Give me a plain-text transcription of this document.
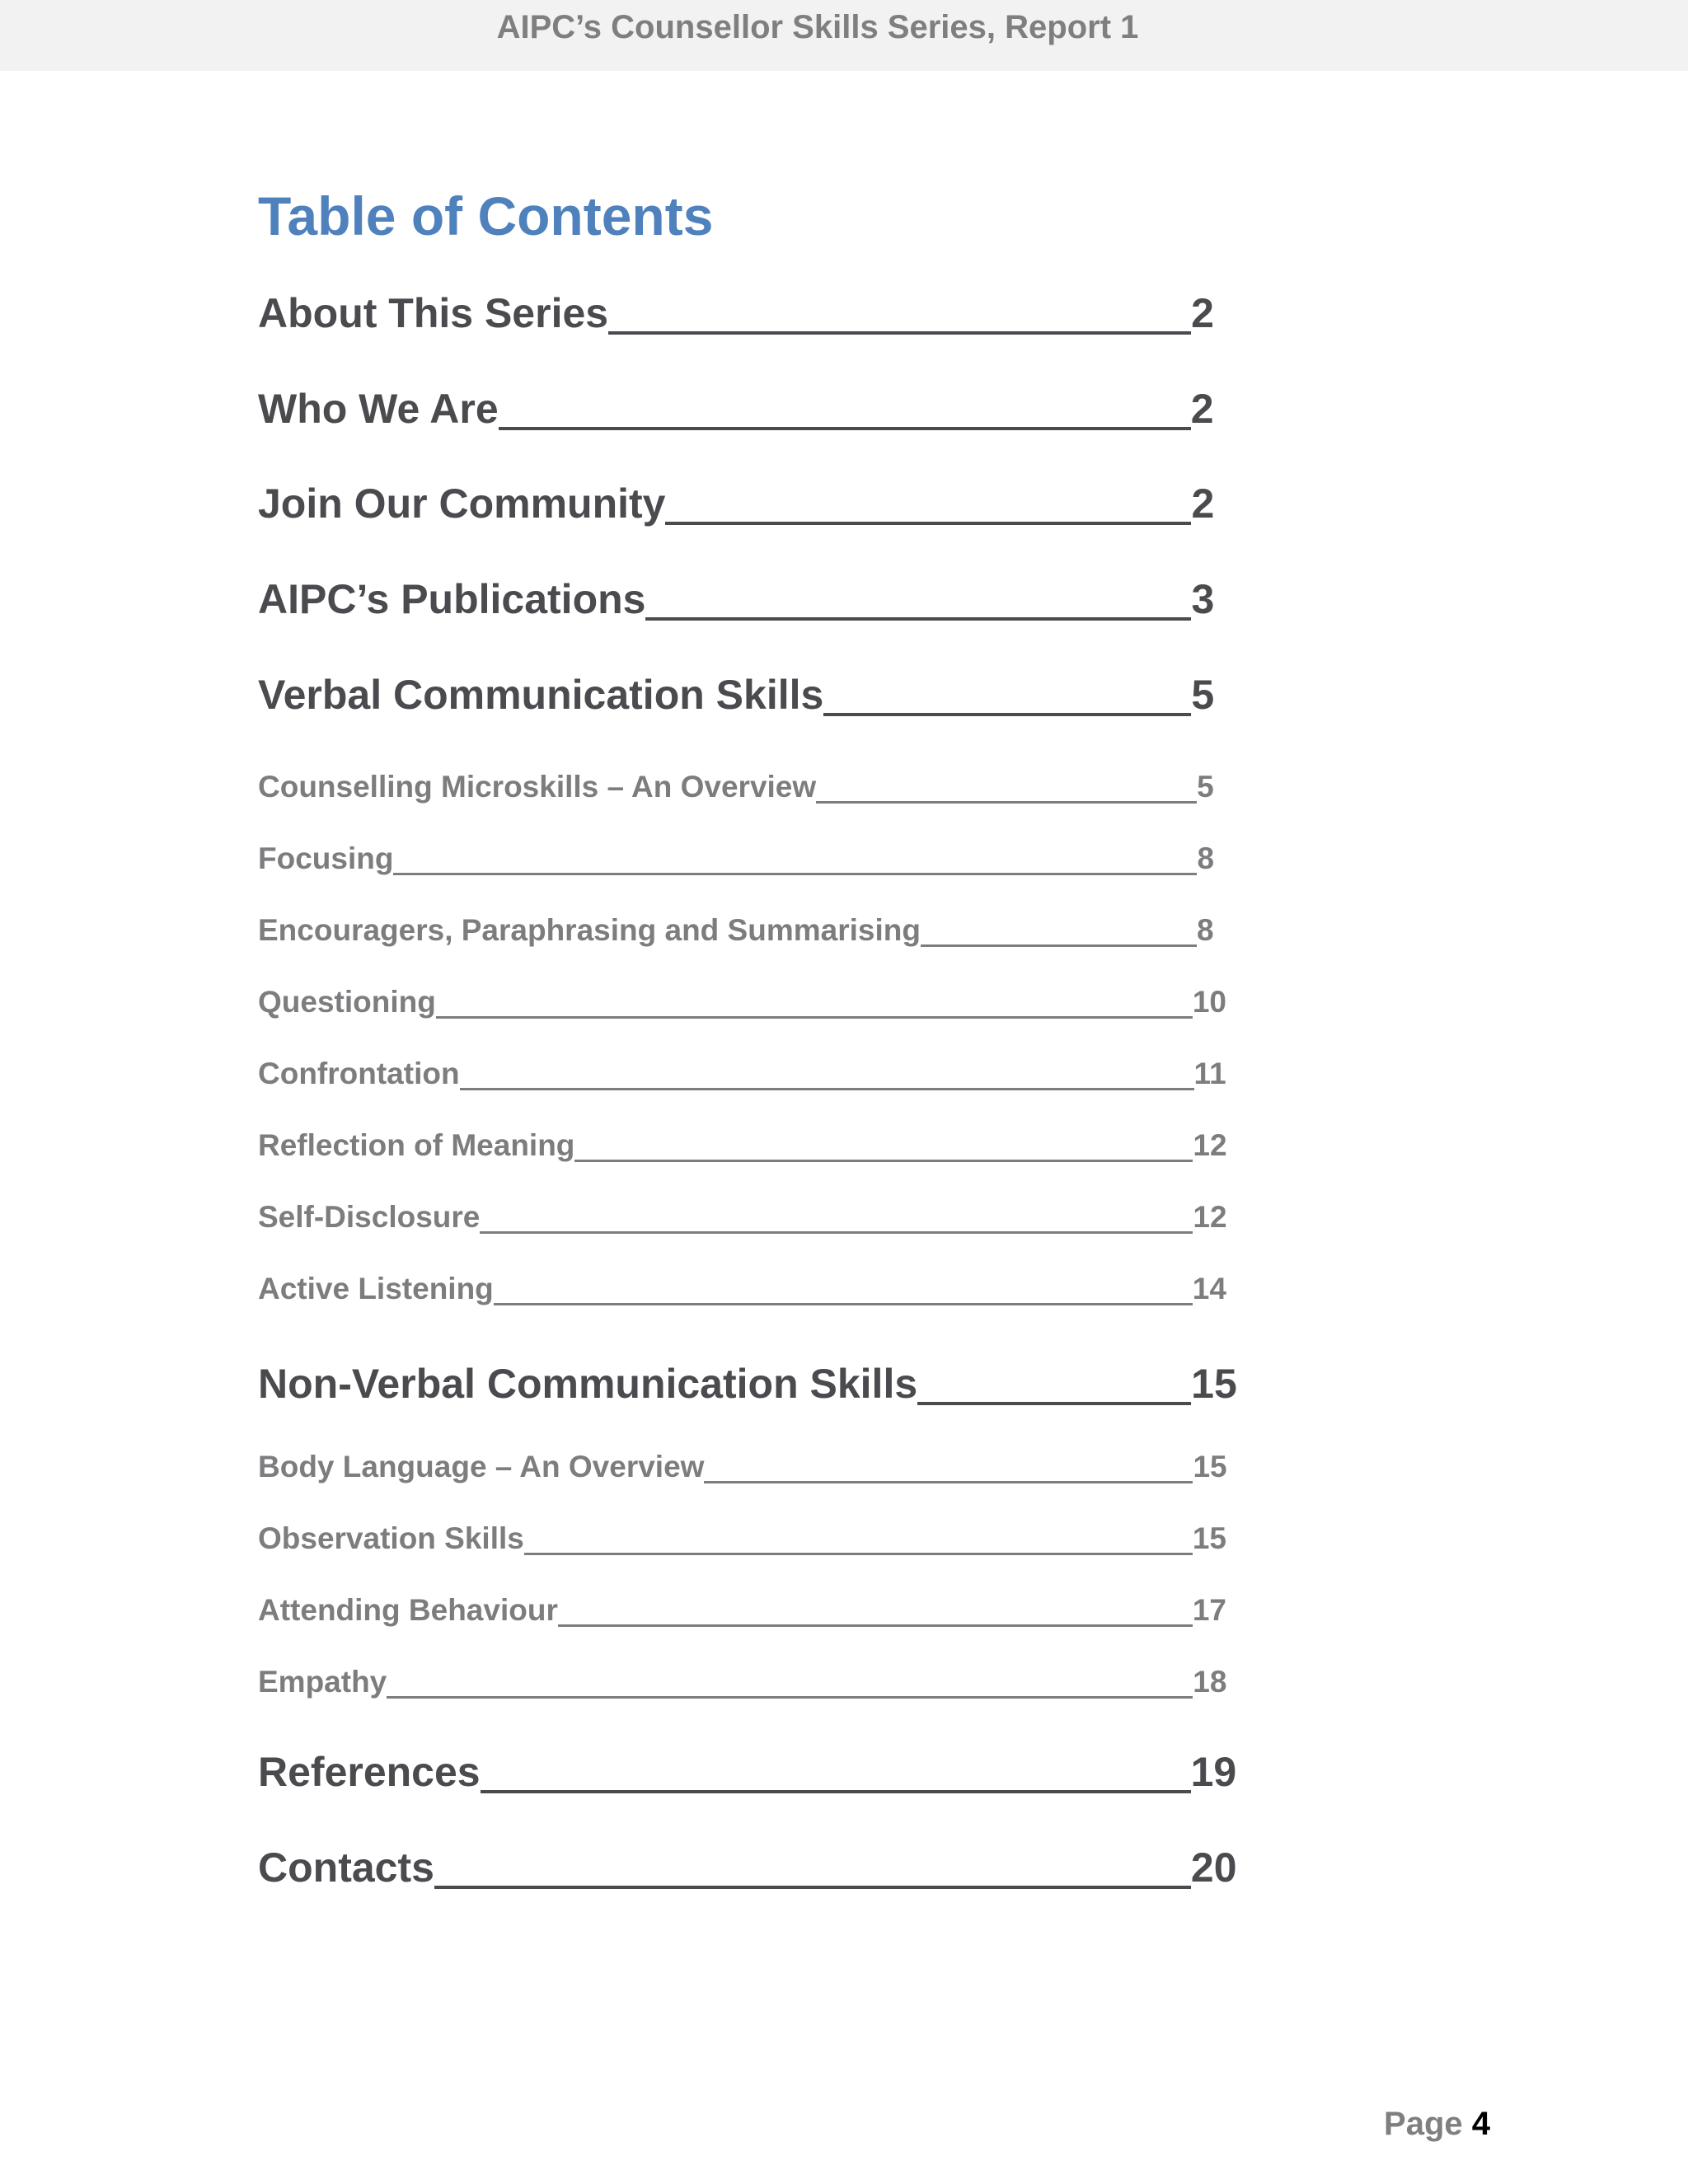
AIPC’s Counsellor Skills Series, Report 1
Table of Contents
About This Series	2
Who We Are	2
Join Our Community	2
AIPC’s Publications	3
Verbal Communication Skills	5
Counselling Microskills – An Overview	5
Focusing	8
Encouragers, Paraphrasing and Summarising	8
Questioning	10
Confrontation	11
Reflection of Meaning	12
Self-Disclosure	12
Active Listening	14
Non-Verbal Communication Skills	15
Body Language – An Overview	15
Observation Skills	15
Attending Behaviour	17
Empathy	18
References	19
Contacts	20
Page 4
